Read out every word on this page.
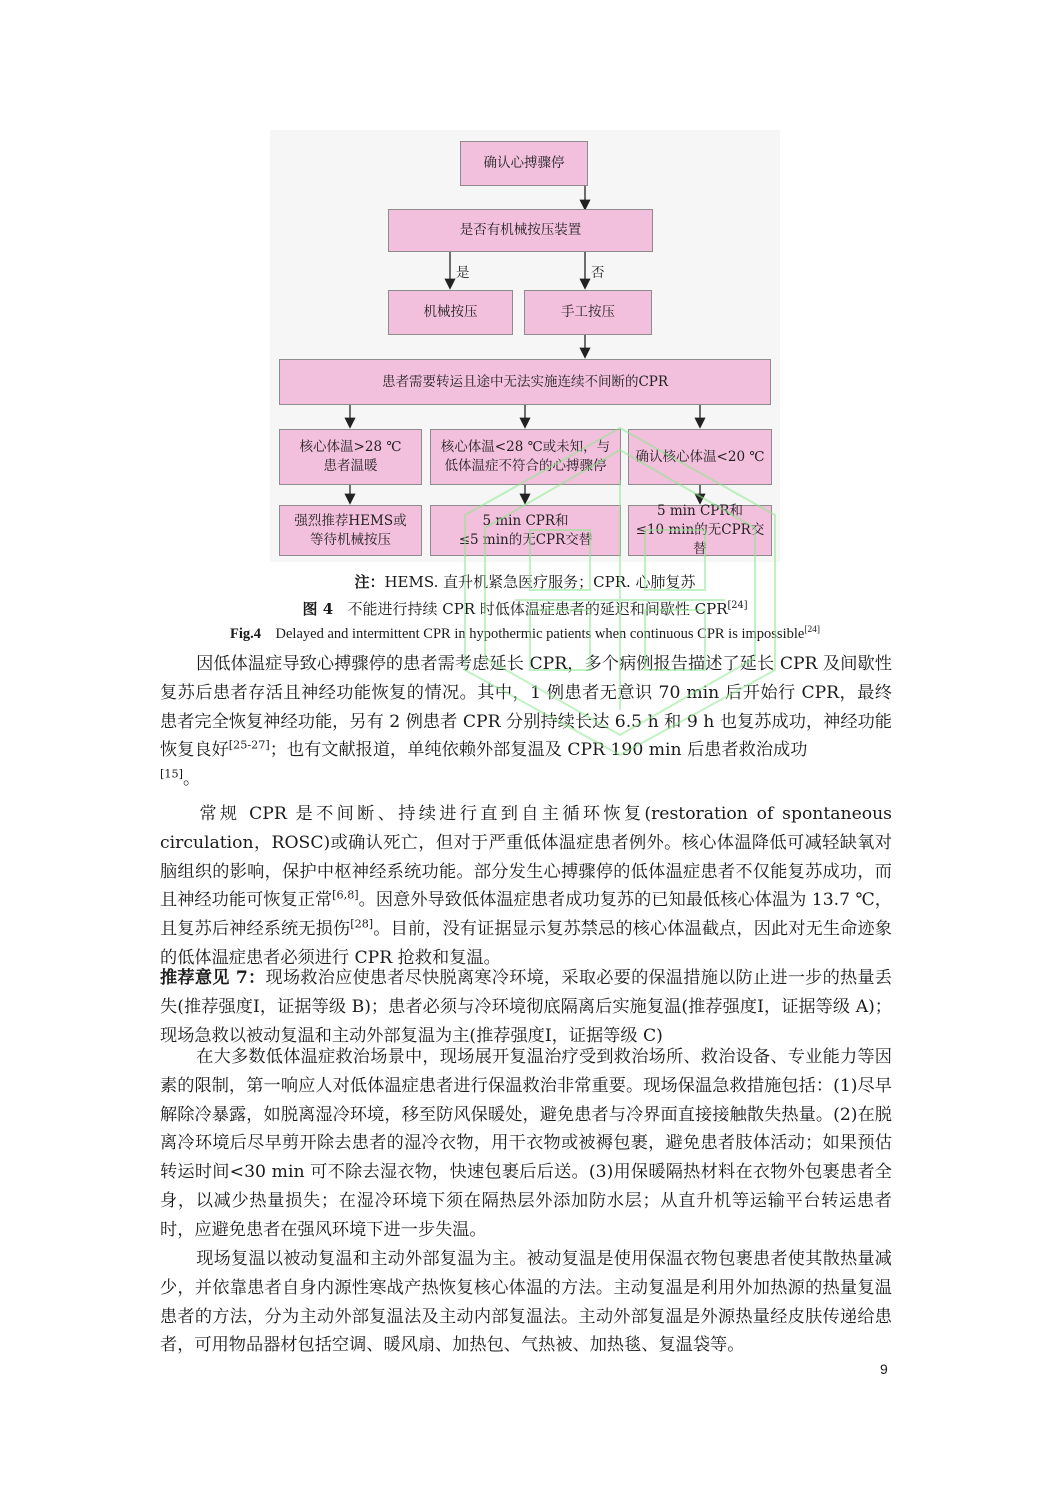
确认心搏骤停
是否有机械按压装置
是	否
机械按压	手工按压
患者需要转运且途中无法实施连续不间断的CPR
核心体温>28 ℃
患者温暖
核心体温<28 ℃或未知，与
低体温症不符合的心搏骤停
确认核心体温<20 ℃
强烈推荐HEMS或
等待机械按压
5 min CPR和
≤5 min的无CPR交替
5 min CPR和
≤10 min的无CPR交替
注：HEMS. 直升机紧急医疗服务；CPR. 心肺复苏
图 4 不能进行持续 CPR 时低体温症患者的延迟和间歇性 CPR[24]
Fig.4 Delayed and intermittent CPR in hypothermic patients when continuous CPR is impossible[24]
因低体温症导致心搏骤停的患者需考虑延长 CPR，多个病例报告描述了延长 CPR 及间歇性复苏后患者存活且神经功能恢复的情况。其中，1 例患者无意识 70 min 后开始行 CPR，最终患者完全恢复神经功能，另有 2 例患者 CPR 分别持续长达 6.5 h 和 9 h 也复苏成功，神经功能恢复良好[25-27]；也有文献报道，单纯依赖外部复温及 CPR 190 min 后患者救治成功
[15]。
常规 CPR 是不间断、持续进行直到自主循环恢复(restoration of spontaneous circulation，ROSC)或确认死亡，但对于严重低体温症患者例外。核心体温降低可减轻缺氧对脑组织的影响，保护中枢神经系统功能。部分发生心搏骤停的低体温症患者不仅能复苏成功，而且神经功能可恢复正常[6,8]。因意外导致低体温症患者成功复苏的已知最低核心体温为 13.7 ℃，且复苏后神经系统无损伤[28]。目前，没有证据显示复苏禁忌的核心体温截点，因此对无生命迹象的低体温症患者必须进行 CPR 抢救和复温。
推荐意见 7：现场救治应使患者尽快脱离寒冷环境，采取必要的保温措施以防止进一步的热量丢失(推荐强度Ⅰ，证据等级 B)；患者必须与冷环境彻底隔离后实施复温(推荐强度Ⅰ，证据等级 A)；现场急救以被动复温和主动外部复温为主(推荐强度Ⅰ，证据等级 C)
在大多数低体温症救治场景中，现场展开复温治疗受到救治场所、救治设备、专业能力等因素的限制，第一响应人对低体温症患者进行保温救治非常重要。现场保温急救措施包括：(1)尽早解除冷暴露，如脱离湿冷环境，移至防风保暖处，避免患者与冷界面直接接触散失热量。(2)在脱离冷环境后尽早剪开除去患者的湿冷衣物，用干衣物或被褥包裹，避免患者肢体活动；如果预估转运时间<30 min 可不除去湿衣物，快速包裹后后送。(3)用保暖隔热材料在衣物外包裹患者全身，以减少热量损失；在湿冷环境下须在隔热层外添加防水层；从直升机等运输平台转运患者时，应避免患者在强风环境下进一步失温。
现场复温以被动复温和主动外部复温为主。被动复温是使用保温衣物包裹患者使其散热量减少，并依靠患者自身内源性寒战产热恢复核心体温的方法。主动复温是利用外加热源的热量复温患者的方法，分为主动外部复温法及主动内部复温法。主动外部复温是外源热量经皮肤传递给患者，可用物品器材包括空调、暖风扇、加热包、气热被、加热毯、复温袋等。
9
